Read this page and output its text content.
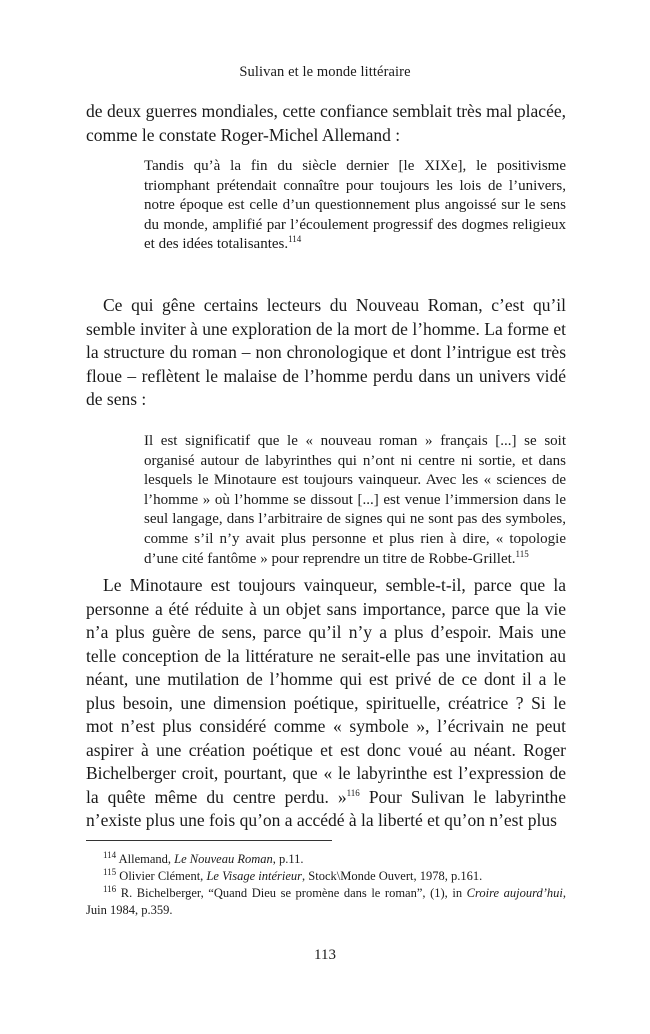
Sulivan et le monde littéraire

de deux guerres mondiales, cette confiance semblait très mal placée, comme le constate Roger-Michel Allemand :

Tandis qu’à la fin du siècle dernier [le XIXe], le positivisme triomphant prétendait connaître pour toujours les lois de l’univers, notre époque est celle d’un questionnement plus angoissé sur le sens du monde, amplifié par l’écoulement progressif des dogmes religieux et des idées totalisantes.$^{114}$

Ce qui gêne certains lecteurs du Nouveau Roman, c’est qu’il semble inviter à une exploration de la mort de l’homme. La forme et la structure du roman – non chronologique et dont l’intrigue est très floue – reflètent le malaise de l’homme perdu dans un univers vidé de sens :

Il est significatif que le « nouveau roman » français [...] se soit organisé autour de labyrinthes qui n’ont ni centre ni sortie, et dans lesquels le Minotaure est toujours vainqueur. Avec les « sciences de l’homme » où l’homme se dissout [...] est venue l’immersion dans le seul langage, dans l’arbitraire de signes qui ne sont pas des symboles, comme s’il n’y avait plus personne et plus rien à dire, « topologie d’une cité fantôme » pour reprendre un titre de Robbe-Grillet.$^{115}$

Le Minotaure est toujours vainqueur, semble-t-il, parce que la personne a été réduite à un objet sans importance, parce que la vie n’a plus guère de sens, parce qu’il n’y a plus d’espoir. Mais une telle conception de la littérature ne serait-elle pas une invitation au néant, une mutilation de l’homme qui est privé de ce dont il a le plus besoin, une dimension poétique, spirituelle, créatrice ? Si le mot n’est plus considéré comme « symbole », l’écrivain ne peut aspirer à une création poétique et est donc voué au néant. Roger Bichelberger croit, pourtant, que « le labyrinthe est l’expression de la quête même du centre perdu. »$^{116}$ Pour Sulivan le labyrinthe n’existe plus une fois qu’on a accédé à la liberté et qu’on n’est plus

$^{114}$ Allemand, Le Nouveau Roman, p.11.

$^{115}$ Olivier Clément, Le Visage intérieur, Stock\Monde Ouvert, 1978, p.161.

$^{116}$ R. Bichelberger, “Quand Dieu se promène dans le roman”, (1), in Croire aujourd’hui, Juin 1984, p.359.

113
